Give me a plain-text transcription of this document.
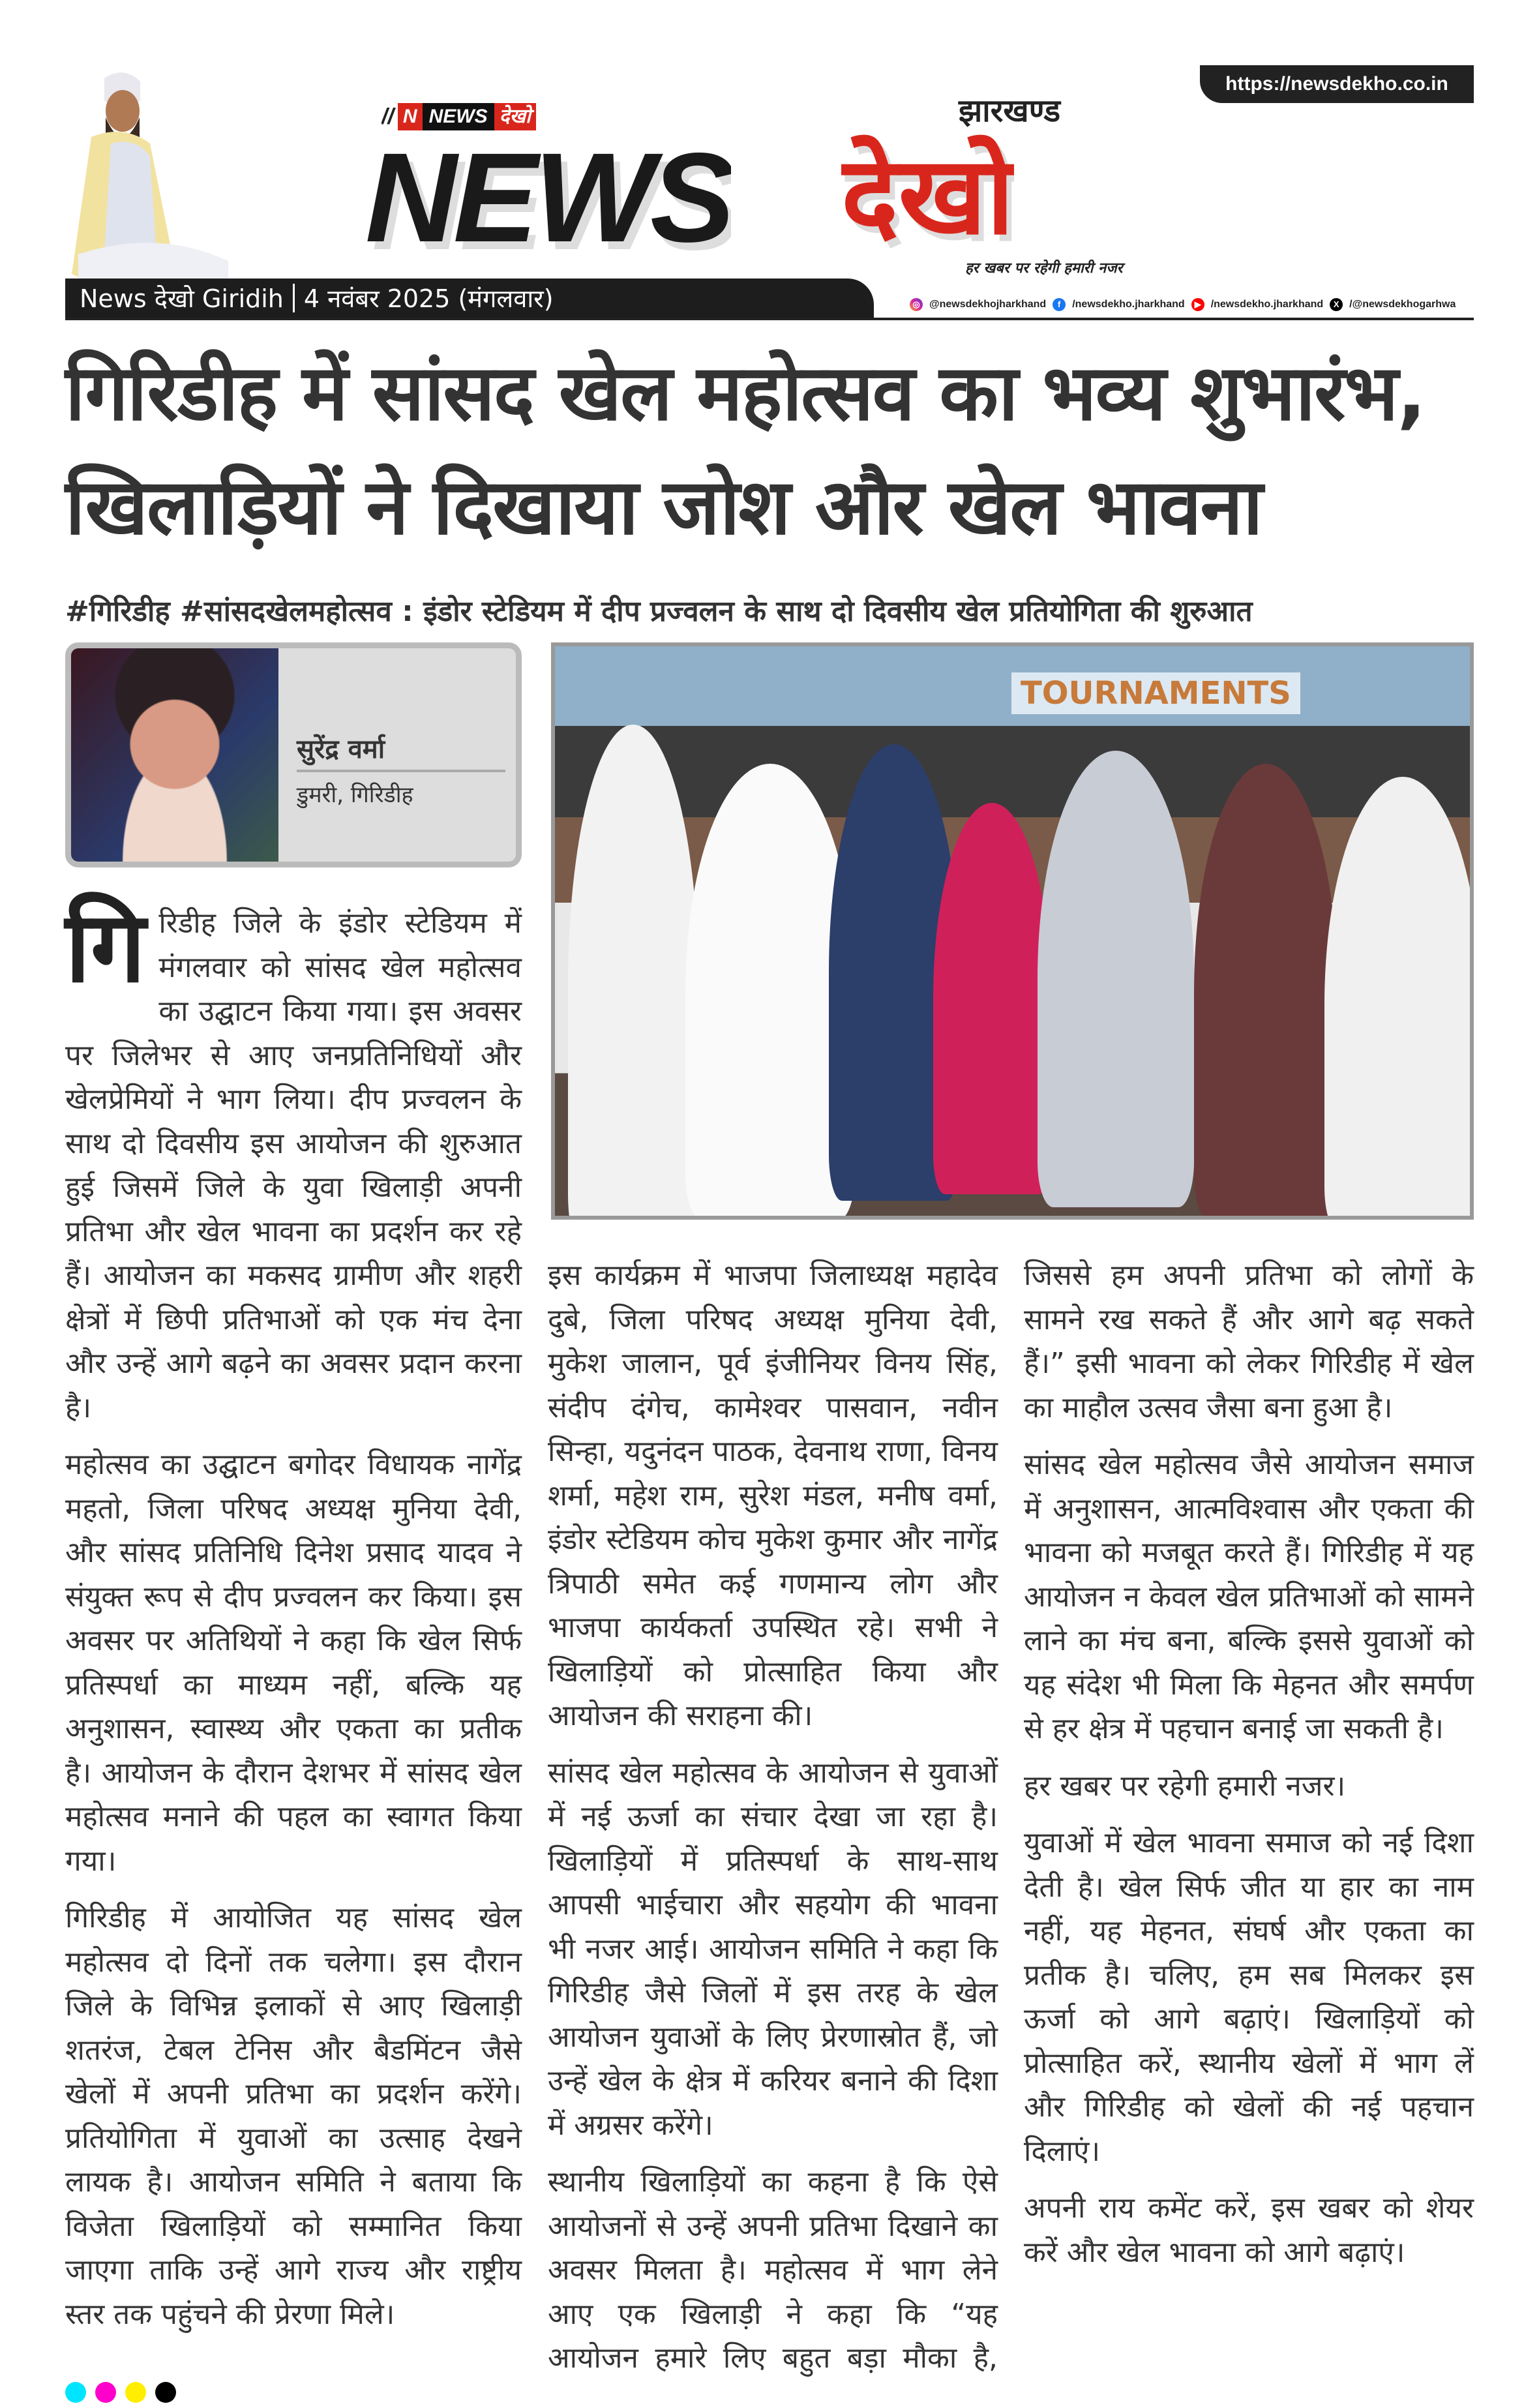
https://newsdekho.co.in
// N NEWS देखो
NEWS देखो
झारखण्ड
हर खबर पर रहेगी हमारी नजर
News देखो Giridih 4 नवंबर 2025 (मंगलवार)	◎ @newsdekhojharkhand	f	/newsdekho.jharkhand	▶ /newsdekho.jharkhand	X /@newsdekhogarhwa
गिरिडीह में सांसद खेल महोत्सव का भव्य शुभारंभ,
खिलाड़ियों ने दिखाया जोश और खेल भावना
#गिरिडीह #सांसदखेलमहोत्सव : इंडोर स्टेडियम में दीप प्रज्वलन के साथ दो दिवसीय खेल प्रतियोगिता की शुरुआत
सुरेंद्र वर्मा
डुमरी, गिरिडीह
TOURNAMENTS

गिरिडीह जिले के इंडोर स्टेडियम में मंगलवार को सांसद खेल महोत्सव का उद्घाटन किया गया। इस अवसर पर जिलेभर से आए जनप्रतिनिधियों और खेलप्रेमियों ने भाग लिया। दीप प्रज्वलन के साथ दो दिवसीय इस आयोजन की शुरुआत हुई जिसमें जिले के युवा खिलाड़ी अपनी प्रतिभा और खेल भावना का प्रदर्शन कर रहे हैं। आयोजन का मकसद ग्रामीण और शहरी क्षेत्रों में छिपी प्रतिभाओं को एक मंच देना और उन्हें आगे बढ़ने का अवसर प्रदान करना है।

महोत्सव का उद्घाटन बगोदर विधायक नागेंद्र महतो, जिला परिषद अध्यक्ष मुनिया देवी, और सांसद प्रतिनिधि दिनेश प्रसाद यादव ने संयुक्त रूप से दीप प्रज्वलन कर किया। इस अवसर पर अतिथियों ने कहा कि खेल सिर्फ प्रतिस्पर्धा का माध्यम नहीं, बल्कि यह अनुशासन, स्वास्थ्य और एकता का प्रतीक है। आयोजन के दौरान देशभर में सांसद खेल महोत्सव मनाने की पहल का स्वागत किया गया।

गिरिडीह में आयोजित यह सांसद खेल महोत्सव दो दिनों तक चलेगा। इस दौरान जिले के विभिन्न इलाकों से आए खिलाड़ी शतरंज, टेबल टेनिस और बैडमिंटन जैसे खेलों में अपनी प्रतिभा का प्रदर्शन करेंगे। प्रतियोगिता में युवाओं का उत्साह देखने लायक है। आयोजन समिति ने बताया कि विजेता खिलाड़ियों को सम्मानित किया जाएगा ताकि उन्हें आगे राज्य और राष्ट्रीय स्तर तक पहुंचने की प्रेरणा मिले।

इस कार्यक्रम में भाजपा जिलाध्यक्ष महादेव दुबे, जिला परिषद अध्यक्ष मुनिया देवी, मुकेश जालान, पूर्व इंजीनियर विनय सिंह, संदीप दंगेच, कामेश्वर पासवान, नवीन सिन्हा, यदुनंदन पाठक, देवनाथ राणा, विनय शर्मा, महेश राम, सुरेश मंडल, मनीष वर्मा, इंडोर स्टेडियम कोच मुकेश कुमार और नागेंद्र त्रिपाठी समेत कई गणमान्य लोग और भाजपा कार्यकर्ता उपस्थित रहे। सभी ने खिलाड़ियों को प्रोत्साहित किया और आयोजन की सराहना की।

सांसद खेल महोत्सव के आयोजन से युवाओं में नई ऊर्जा का संचार देखा जा रहा है। खिलाड़ियों में प्रतिस्पर्धा के साथ-साथ आपसी भाईचारा और सहयोग की भावना भी नजर आई। आयोजन समिति ने कहा कि गिरिडीह जैसे जिलों में इस तरह के खेल आयोजन युवाओं के लिए प्रेरणास्रोत हैं, जो उन्हें खेल के क्षेत्र में करियर बनाने की दिशा में अग्रसर करेंगे।

स्थानीय खिलाड़ियों का कहना है कि ऐसे आयोजनों से उन्हें अपनी प्रतिभा दिखाने का अवसर मिलता है। महोत्सव में भाग लेने आए एक खिलाड़ी ने कहा कि “यह आयोजन हमारे लिए बहुत बड़ा मौका है, जिससे हम अपनी प्रतिभा को लोगों के सामने रख सकते हैं और आगे बढ़ सकते हैं।” इसी भावना को लेकर गिरिडीह में खेल का माहौल उत्सव जैसा बना हुआ है।

सांसद खेल महोत्सव जैसे आयोजन समाज में अनुशासन, आत्मविश्वास और एकता की भावना को मजबूत करते हैं। गिरिडीह में यह आयोजन न केवल खेल प्रतिभाओं को सामने लाने का मंच बना, बल्कि इससे युवाओं को यह संदेश भी मिला कि मेहनत और समर्पण से हर क्षेत्र में पहचान बनाई जा सकती है।

हर खबर पर रहेगी हमारी नजर।

युवाओं में खेल भावना समाज को नई दिशा देती है। खेल सिर्फ जीत या हार का नाम नहीं, यह मेहनत, संघर्ष और एकता का प्रतीक है। चलिए, हम सब मिलकर इस ऊर्जा को आगे बढ़ाएं। खिलाड़ियों को प्रोत्साहित करें, स्थानीय खेलों में भाग लें और गिरिडीह को खेलों की नई पहचान दिलाएं।

अपनी राय कमेंट करें, इस खबर को शेयर करें और खेल भावना को आगे बढ़ाएं।
